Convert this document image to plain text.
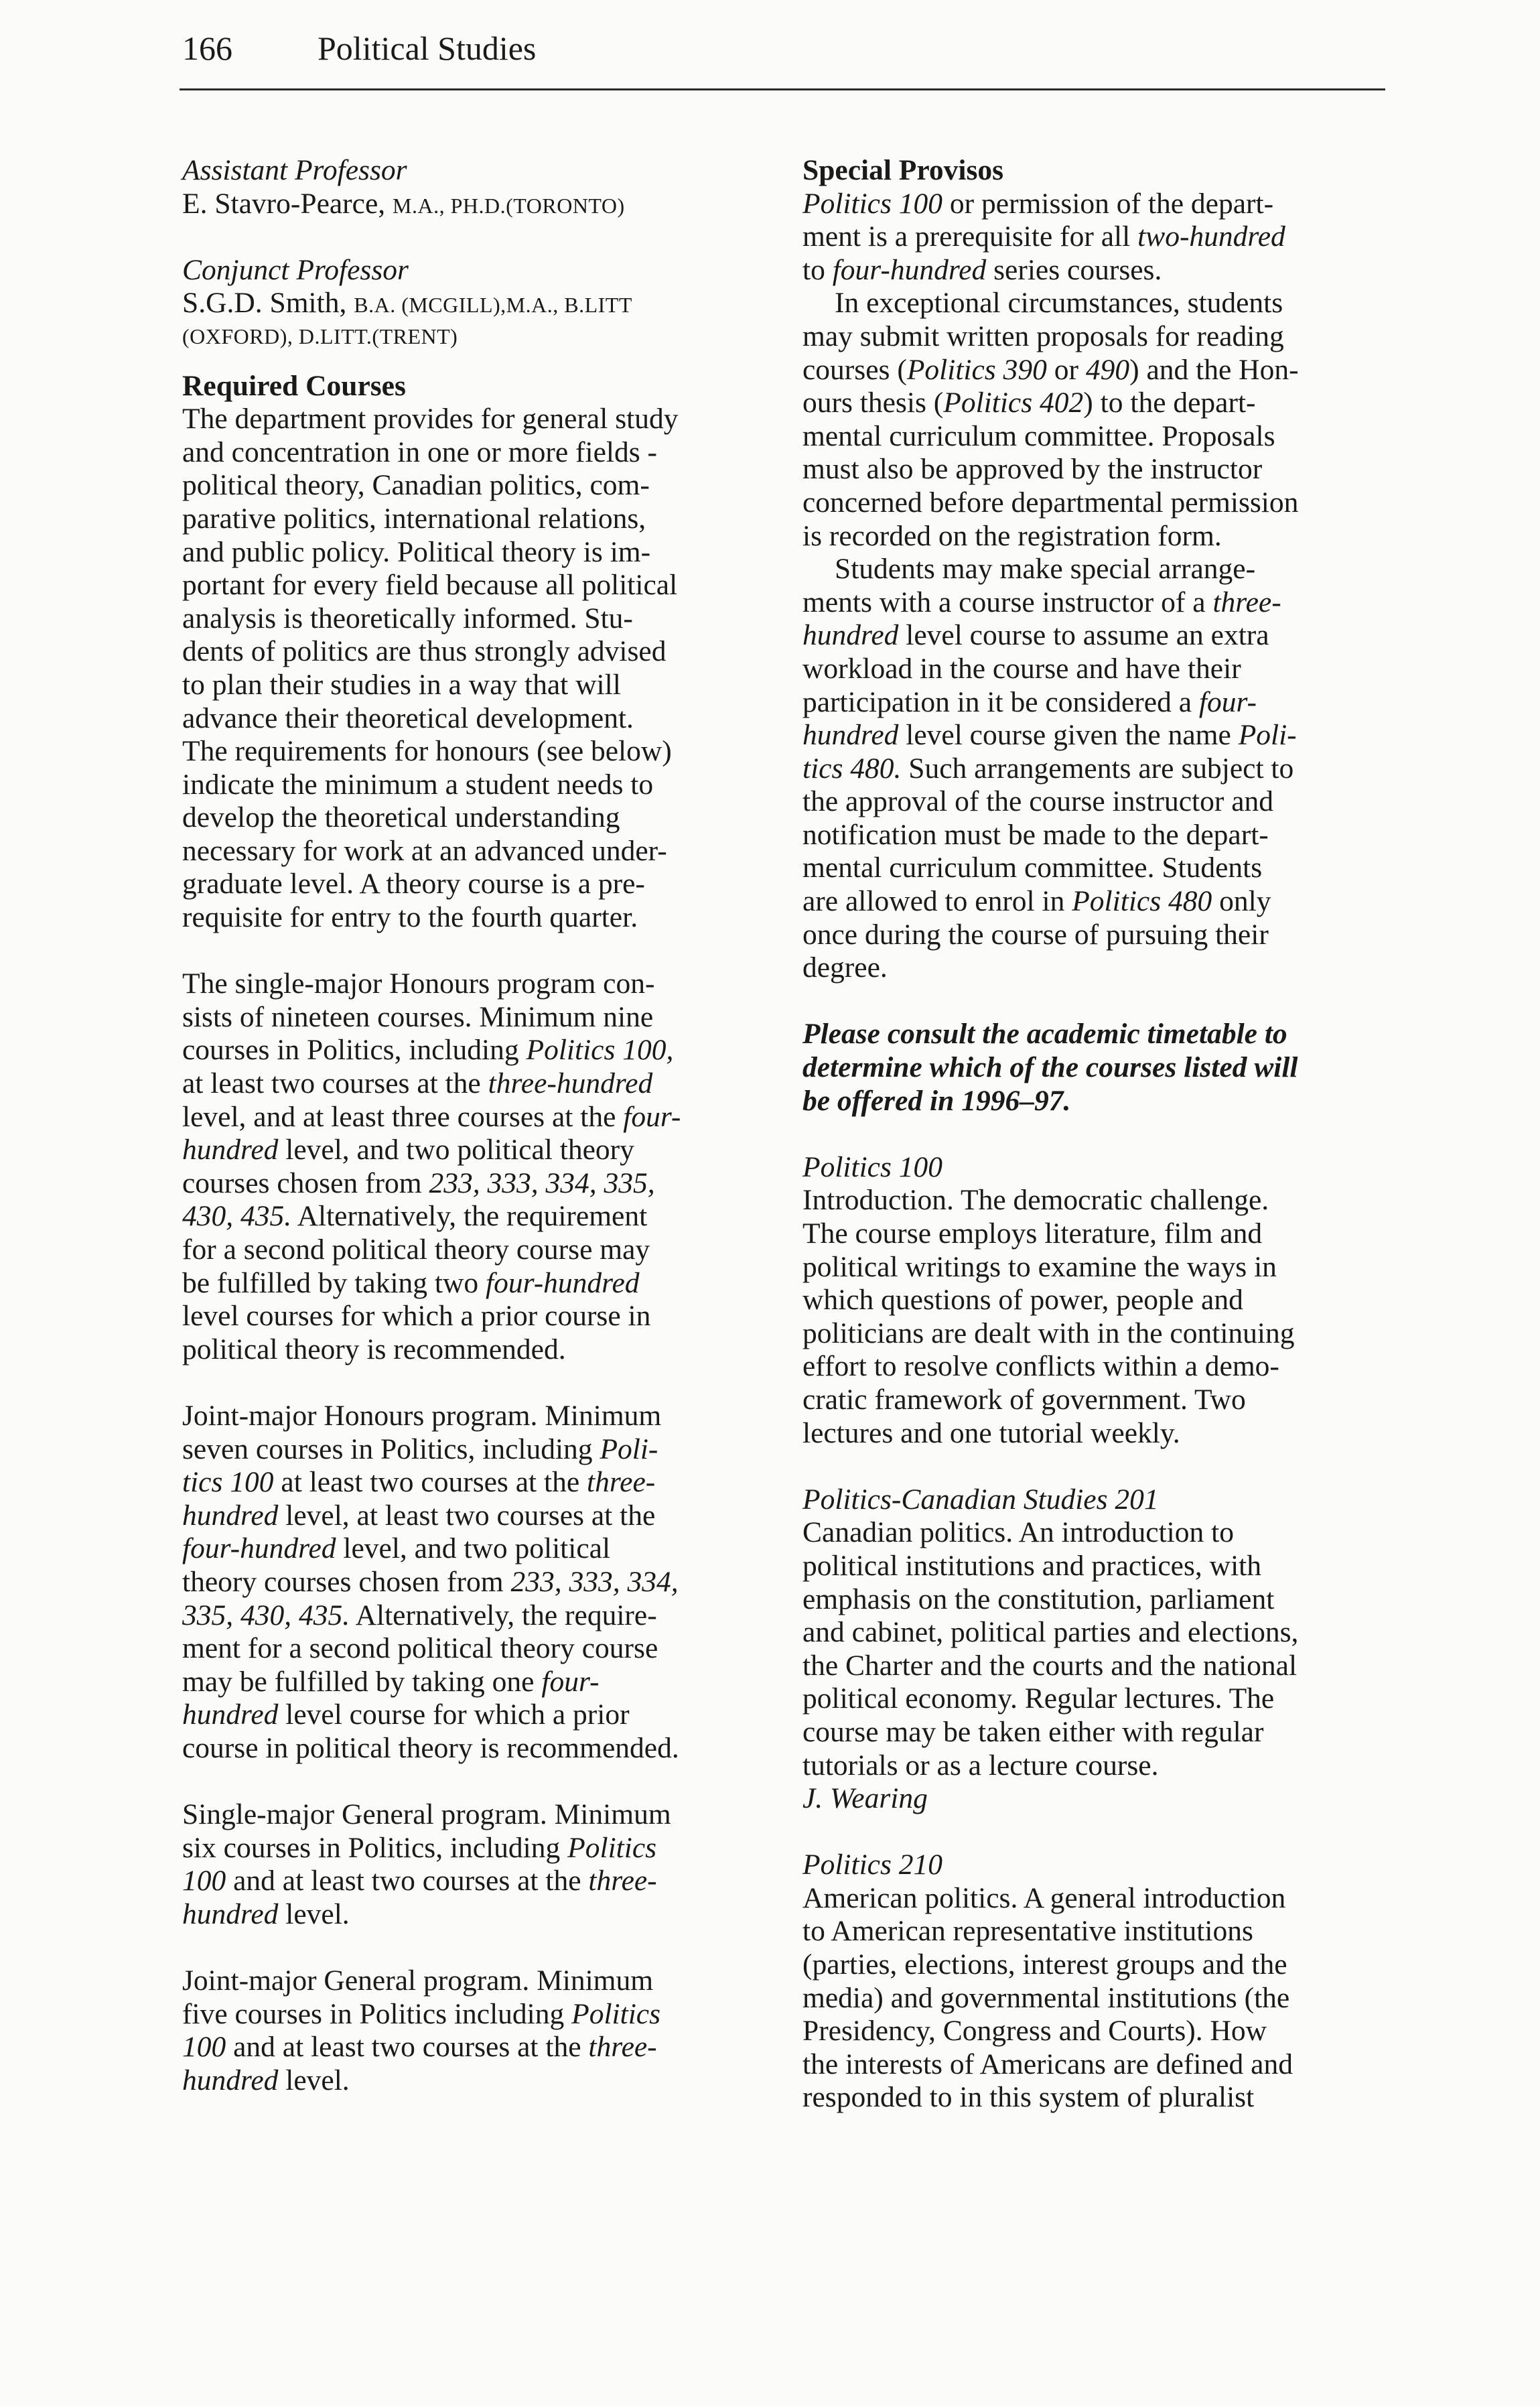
166	Political Studies
Assistant Professor
E. Stavro-Pearce, M.A., PH.D.(TORONTO)
Conjunct Professor
S.G.D. Smith, B.A. (MCGILL),M.A., B.LITT
(OXFORD), D.LITT.(TRENT)
Required Courses
The department provides for general study
and concentration in one or more fields -
political theory, Canadian politics, com-
parative politics, international relations,
and public policy. Political theory is im-
portant for every field because all political
analysis is theoretically informed. Stu-
dents of politics are thus strongly advised
to plan their studies in a way that will
advance their theoretical development.
The requirements for honours (see below)
indicate the minimum a student needs to
develop the theoretical understanding
necessary for work at an advanced under-
graduate level. A theory course is a pre-
requisite for entry to the fourth quarter.
The single-major Honours program con-
sists of nineteen courses. Minimum nine
courses in Politics, including Politics 100,
at least two courses at the three-hundred
level, and at least three courses at the four-
hundred level, and two political theory
courses chosen from 233, 333, 334, 335,
430, 435. Alternatively, the requirement
for a second political theory course may
be fulfilled by taking two four-hundred
level courses for which a prior course in
political theory is recommended.
Joint-major Honours program. Minimum
seven courses in Politics, including Poli-
tics 100 at least two courses at the three-
hundred level, at least two courses at the
four-hundred level, and two political
theory courses chosen from 233, 333, 334,
335, 430, 435. Alternatively, the require-
ment for a second political theory course
may be fulfilled by taking one four-
hundred level course for which a prior
course in political theory is recommended.
Single-major General program. Minimum
six courses in Politics, including Politics
100 and at least two courses at the three-
hundred level.
Joint-major General program. Minimum
five courses in Politics including Politics
100 and at least two courses at the three-
hundred level.
Special Provisos
Politics 100 or permission of the depart-
ment is a prerequisite for all two-hundred
to four-hundred series courses.
In exceptional circumstances, students
may submit written proposals for reading
courses (Politics 390 or 490) and the Hon-
ours thesis (Politics 402) to the depart-
mental curriculum committee. Proposals
must also be approved by the instructor
concerned before departmental permission
is recorded on the registration form.
Students may make special arrange-
ments with a course instructor of a three-
hundred level course to assume an extra
workload in the course and have their
participation in it be considered a four-
hundred level course given the name Poli-
tics 480. Such arrangements are subject to
the approval of the course instructor and
notification must be made to the depart-
mental curriculum committee. Students
are allowed to enrol in Politics 480 only
once during the course of pursuing their
degree.
Please consult the academic timetable to
determine which of the courses listed will
be offered in 1996–97.
Politics 100
Introduction. The democratic challenge.
The course employs literature, film and
political writings to examine the ways in
which questions of power, people and
politicians are dealt with in the continuing
effort to resolve conflicts within a demo-
cratic framework of government. Two
lectures and one tutorial weekly.
Politics-Canadian Studies 201
Canadian politics. An introduction to
political institutions and practices, with
emphasis on the constitution, parliament
and cabinet, political parties and elections,
the Charter and the courts and the national
political economy. Regular lectures. The
course may be taken either with regular
tutorials or as a lecture course.
J. Wearing
Politics 210
American politics. A general introduction
to American representative institutions
(parties, elections, interest groups and the
media) and governmental institutions (the
Presidency, Congress and Courts). How
the interests of Americans are defined and
responded to in this system of pluralist
